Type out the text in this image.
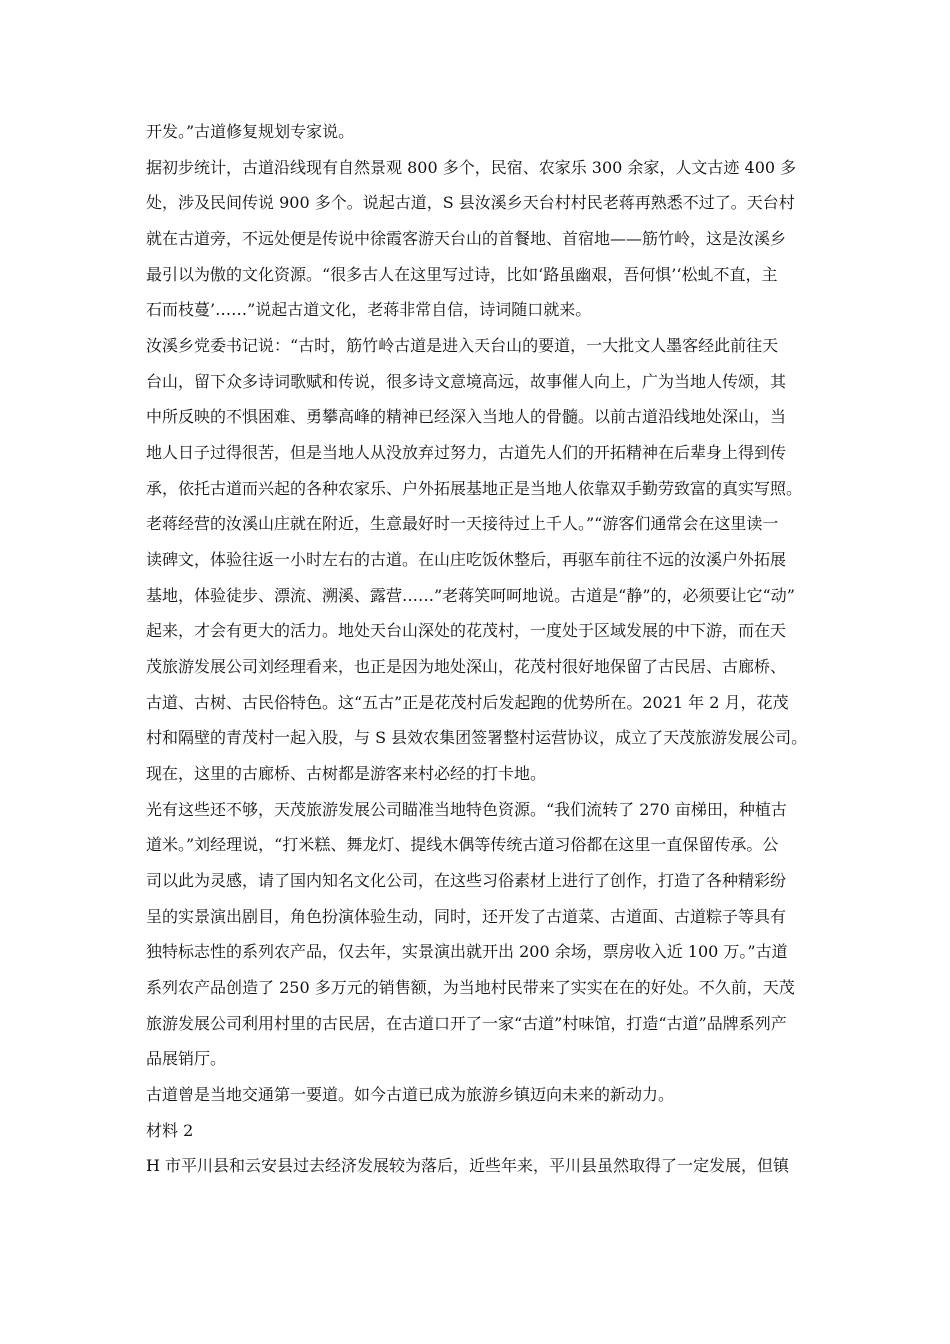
开发。”古道修复规划专家说。
据初步统计，古道沿线现有自然景观 800 多个，民宿、农家乐 300 余家，人文古迹 400 多
处，涉及民间传说 900 多个。说起古道，S 县汝溪乡天台村村民老蒋再熟悉不过了。天台村
就在古道旁，不远处便是传说中徐霞客游天台山的首餐地、首宿地——筋竹岭，这是汝溪乡
最引以为傲的文化资源。“很多古人在这里写过诗，比如‘路虽幽艰，吾何惧’‘松虬不直，主
石而枝蔓’……”说起古道文化，老蒋非常自信，诗词随口就来。
汝溪乡党委书记说：“古时，筋竹岭古道是进入天台山的要道，一大批文人墨客经此前往天
台山，留下众多诗词歌赋和传说，很多诗文意境高远，故事催人向上，广为当地人传颂，其
中所反映的不惧困难、勇攀高峰的精神已经深入当地人的骨髓。以前古道沿线地处深山，当
地人日子过得很苦，但是当地人从没放弃过努力，古道先人们的开拓精神在后辈身上得到传
承，依托古道而兴起的各种农家乐、户外拓展基地正是当地人依靠双手勤劳致富的真实写照。
老蒋经营的汝溪山庄就在附近，生意最好时一天接待过上千人。”“游客们通常会在这里读一
读碑文，体验往返一小时左右的古道。在山庄吃饭休整后，再驱车前往不远的汝溪户外拓展
基地，体验徒步、漂流、溯溪、露营……”老蒋笑呵呵地说。古道是“静”的，必须要让它“动”
起来，才会有更大的活力。地处天台山深处的花茂村，一度处于区域发展的中下游，而在天
茂旅游发展公司刘经理看来，也正是因为地处深山，花茂村很好地保留了古民居、古廊桥、
古道、古树、古民俗特色。这“五古”正是花茂村后发起跑的优势所在。2021 年 2 月，花茂
村和隔壁的青茂村一起入股，与 S 县效农集团签署整村运营协议，成立了天茂旅游发展公司。
现在，这里的古廊桥、古树都是游客来村必经的打卡地。
光有这些还不够，天茂旅游发展公司瞄准当地特色资源。“我们流转了 270 亩梯田，种植古
道米。”刘经理说，“打米糕、舞龙灯、提线木偶等传统古道习俗都在这里一直保留传承。公
司以此为灵感，请了国内知名文化公司，在这些习俗素材上进行了创作，打造了各种精彩纷
呈的实景演出剧目，角色扮演体验生动，同时，还开发了古道菜、古道面、古道粽子等具有
独特标志性的系列农产品，仅去年，实景演出就开出 200 余场，票房收入近 100 万。”古道
系列农产品创造了 250 多万元的销售额，为当地村民带来了实实在在的好处。不久前，天茂
旅游发展公司利用村里的古民居，在古道口开了一家“古道”村味馆，打造“古道”品牌系列产
品展销厅。
古道曾是当地交通第一要道。如今古道已成为旅游乡镇迈向未来的新动力。
材料 2
H 市平川县和云安县过去经济发展较为落后，近些年来，平川县虽然取得了一定发展，但镇
